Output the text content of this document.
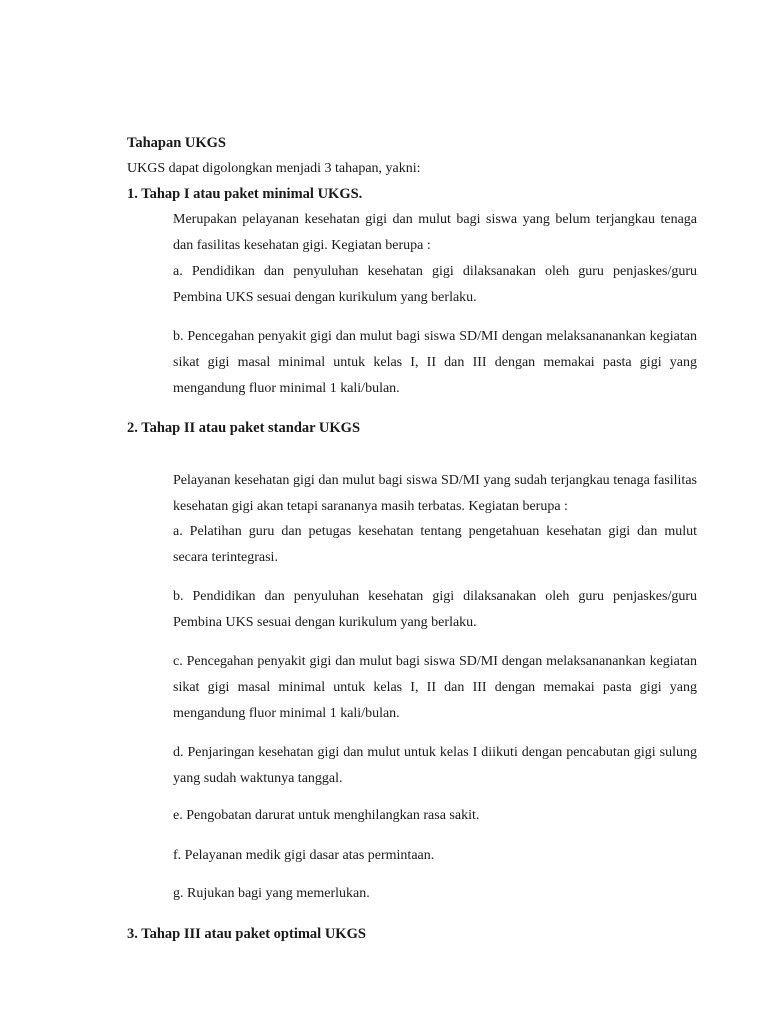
Tahapan UKGS
UKGS dapat digolongkan menjadi 3 tahapan, yakni:
1. Tahap I atau paket minimal UKGS.
Merupakan pelayanan kesehatan gigi dan mulut bagi siswa yang belum terjangkau tenaga dan fasilitas kesehatan gigi. Kegiatan berupa :
a. Pendidikan dan penyuluhan kesehatan gigi dilaksanakan oleh guru penjaskes/guru Pembina UKS sesuai dengan kurikulum yang berlaku.
b. Pencegahan penyakit gigi dan mulut bagi siswa SD/MI dengan melaksananankan kegiatan sikat gigi masal minimal untuk kelas I, II dan III dengan memakai pasta gigi yang mengandung fluor minimal 1 kali/bulan.
2. Tahap II atau paket standar UKGS
Pelayanan kesehatan gigi dan mulut bagi siswa SD/MI yang sudah terjangkau tenaga fasilitas kesehatan gigi akan tetapi sarananya masih terbatas. Kegiatan berupa :
a. Pelatihan guru dan petugas kesehatan tentang pengetahuan kesehatan gigi dan mulut secara terintegrasi.
b. Pendidikan dan penyuluhan kesehatan gigi dilaksanakan oleh guru penjaskes/guru Pembina UKS sesuai dengan kurikulum yang berlaku.
c. Pencegahan penyakit gigi dan mulut bagi siswa SD/MI dengan melaksananankan kegiatan sikat gigi masal minimal untuk kelas I, II dan III dengan memakai pasta gigi yang mengandung fluor minimal 1 kali/bulan.
d. Penjaringan kesehatan gigi dan mulut untuk kelas I diikuti dengan pencabutan gigi sulung yang sudah waktunya tanggal.
e. Pengobatan darurat untuk menghilangkan rasa sakit.
f. Pelayanan medik gigi dasar atas permintaan.
g. Rujukan bagi yang memerlukan.
3. Tahap III atau paket optimal UKGS
